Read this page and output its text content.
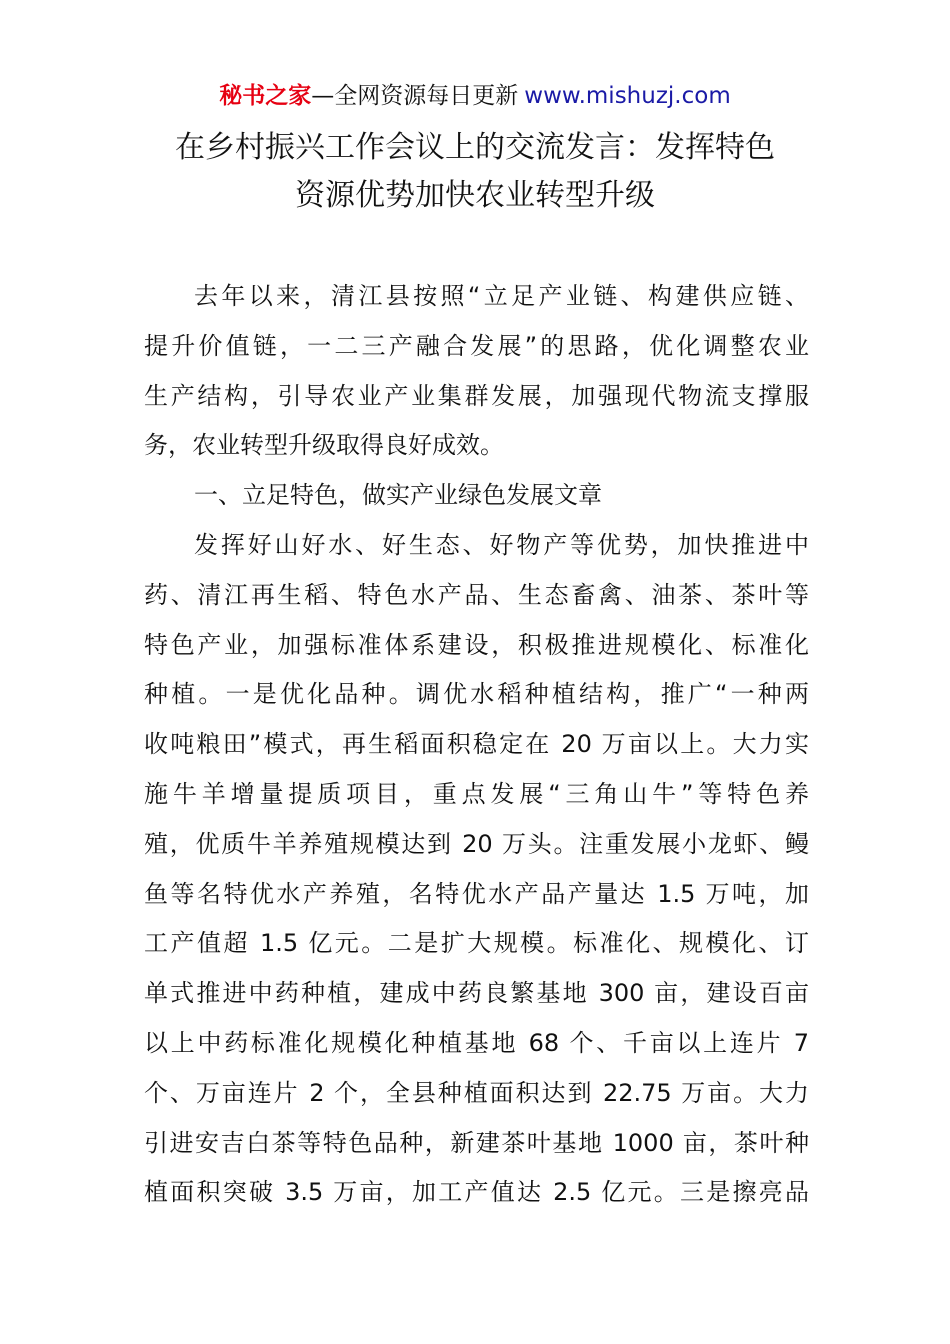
秘书之家—全网资源每日更新 www.mishuzj.com
在乡村振兴工作会议上的交流发言：发挥特色
资源优势加快农业转型升级
去年以来，清江县按照“立足产业链、构建供应链、
提升价值链，一二三产融合发展”的思路，优化调整农业
生产结构，引导农业产业集群发展，加强现代物流支撑服
务，农业转型升级取得良好成效。
一、立足特色，做实产业绿色发展文章
发挥好山好水、好生态、好物产等优势，加快推进中
药、清江再生稻、特色水产品、生态畜禽、油茶、茶叶等
特色产业，加强标准体系建设，积极推进规模化、标准化
种植。一是优化品种。调优水稻种植结构，推广“一种两
收吨粮田”模式，再生稻面积稳定在 20 万亩以上。大力实
施牛羊增量提质项目，重点发展“三角山牛”等特色养
殖，优质牛羊养殖规模达到 20 万头。注重发展小龙虾、鳗
鱼等名特优水产养殖，名特优水产品产量达 1.5 万吨，加
工产值超 1.5 亿元。二是扩大规模。标准化、规模化、订
单式推进中药种植，建成中药良繁基地 300 亩，建设百亩
以上中药标准化规模化种植基地 68 个、千亩以上连片 7
个、万亩连片 2 个，全县种植面积达到 22.75 万亩。大力
引进安吉白茶等特色品种，新建茶叶基地 1000 亩，茶叶种
植面积突破 3.5 万亩，加工产值达 2.5 亿元。三是擦亮品
